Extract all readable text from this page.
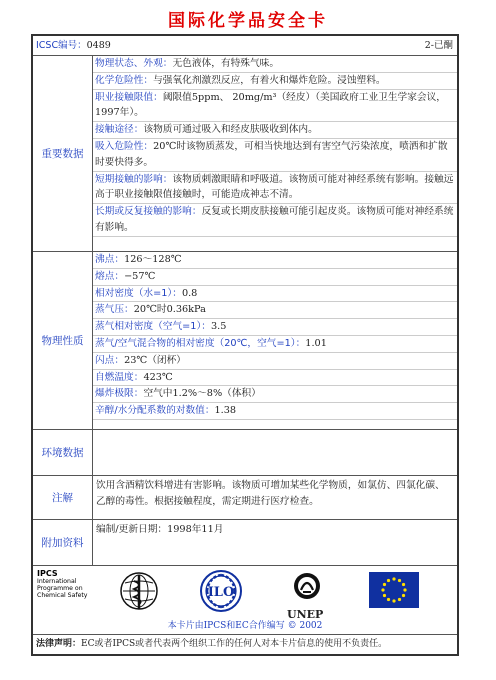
国际化学品安全卡
ICSC编号：0489	2-已酮
重要数据
物理状态、外观：无色液体，有特殊气味。
化学危险性：与强氧化剂激烈反应，有着火和爆炸危险。浸蚀塑料。
职业接触限值：阈限值5ppm、 20mg/m³（经皮）（美国政府工业卫生学家会议，1997年）。
接触途径：该物质可通过吸入和经皮肤吸收到体内。
吸入危险性：20℃时该物质蒸发，可相当快地达到有害空气污染浓度，喷洒和扩散时要快得多。
短期接触的影响：该物质刺激眼睛和呼吸道。该物质可能对神经系统有影响。接触远高于职业接触限值接触时，可能造成神志不清。
长期或反复接触的影响：反复或长期皮肤接触可能引起皮炎。该物质可能对神经系统有影响。
物理性质
沸点：126～128℃
熔点：−57℃
相对密度（水=1）：0.8
蒸气压：20℃时0.36kPa
蒸气相对密度（空气=1）：3.5
蒸气/空气混合物的相对密度（20℃，空气=1）：1.01
闪点：23℃（闭杯）
自燃温度：423℃
爆炸极限：空气中1.2%～8%（体积）
辛醇/水分配系数的对数值：1.38
环境数据
注解
饮用含酒精饮料增进有害影响。该物质可增加某些化学物质，如氯仿、四氯化碳、乙醇的毒性。根据接触程度，需定期进行医疗检查。
附加资料
编制/更新日期：1998年11月
IPCS
International
Programme on
Chemical Safety	ILO
UNEP
本卡片由IPCS和EC合作编写 © 2002
法律声明：EC或者IPCS或者代表两个组织工作的任何人对本卡片信息的使用不负责任。
